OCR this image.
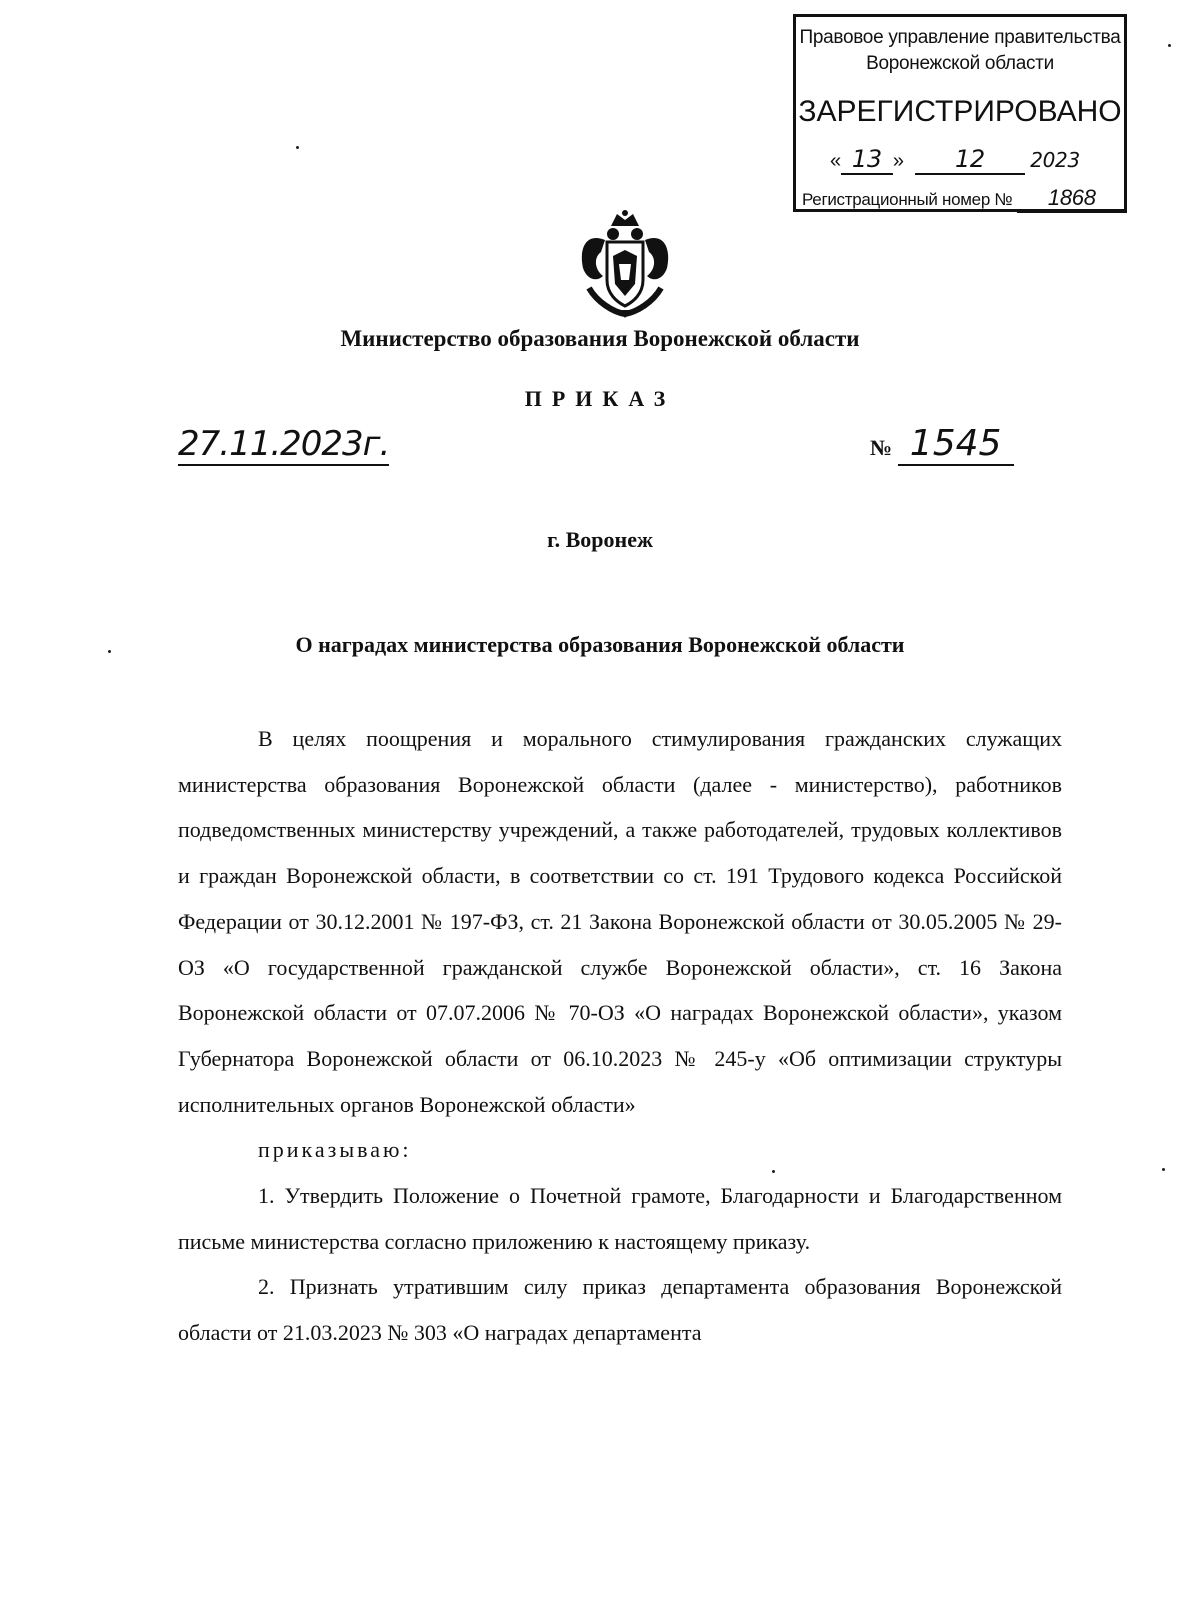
Правовое управление правительства
Воронежской области
ЗАРЕГИСТРИРОВАНО
« 13 » 12 2023
Регистрационный номер № 1868
Министерство образования Воронежской области
ПРИКАЗ
27.11.2023г.	№ 1545
г. Воронеж
О наградах министерства образования Воронежской области

В целях поощрения и морального стимулирования гражданских служащих министерства образования Воронежской области (далее - министерство), работников подведомственных министерству учреждений, а также работодателей, трудовых коллективов и граждан Воронежской области, в соответствии со ст. 191 Трудового кодекса Российской Федерации от 30.12.2001 № 197-ФЗ, ст. 21 Закона Воронежской области от 30.05.2005 № 29-ОЗ «О государственной гражданской службе Воронежской области», ст. 16 Закона Воронежской области от 07.07.2006 № 70-ОЗ «О наградах Воронежской области», указом Губернатора Воронежской области от 06.10.2023 № 245-у «Об оптимизации структуры исполнительных органов Воронежской области»

приказываю:

1. Утвердить Положение о Почетной грамоте, Благодарности и Благодарственном письме министерства согласно приложению к настоящему приказу.

2. Признать утратившим силу приказ департамента образования Воронежской области от 21.03.2023 № 303 «О наградах департамента
